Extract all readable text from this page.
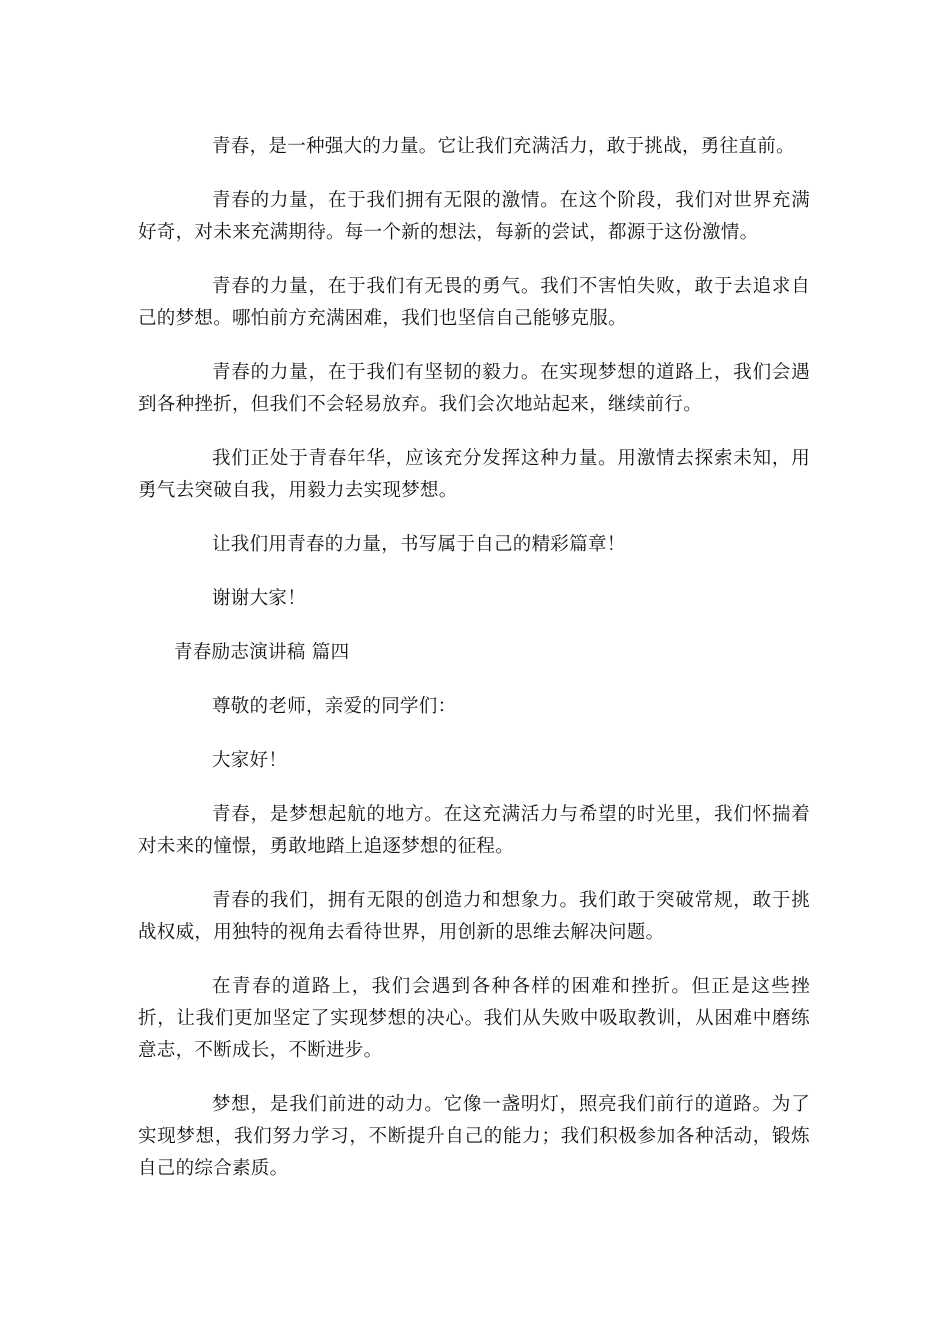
青春，是一种强大的力量。它让我们充满活力，敢于挑战，勇往直前。

青春的力量，在于我们拥有无限的激情。在这个阶段，我们对世界充满好奇，对未来充满期待。每一个新的想法，每新的尝试，都源于这份激情。

青春的力量，在于我们有无畏的勇气。我们不害怕失败，敢于去追求自己的梦想。哪怕前方充满困难，我们也坚信自己能够克服。

青春的力量，在于我们有坚韧的毅力。在实现梦想的道路上，我们会遇到各种挫折，但我们不会轻易放弃。我们会次地站起来，继续前行。

我们正处于青春年华，应该充分发挥这种力量。用激情去探索未知，用勇气去突破自我，用毅力去实现梦想。

让我们用青春的力量，书写属于自己的精彩篇章！

谢谢大家！

青春励志演讲稿 篇四

尊敬的老师，亲爱的同学们：

大家好！

青春，是梦想起航的地方。在这充满活力与希望的时光里，我们怀揣着对未来的憧憬，勇敢地踏上追逐梦想的征程。

青春的我们，拥有无限的创造力和想象力。我们敢于突破常规，敢于挑战权威，用独特的视角去看待世界，用创新的思维去解决问题。

在青春的道路上，我们会遇到各种各样的困难和挫折。但正是这些挫折，让我们更加坚定了实现梦想的决心。我们从失败中吸取教训，从困难中磨练意志，不断成长，不断进步。

梦想，是我们前进的动力。它像一盏明灯，照亮我们前行的道路。为了实现梦想，我们努力学习，不断提升自己的能力；我们积极参加各种活动，锻炼自己的综合素质。
